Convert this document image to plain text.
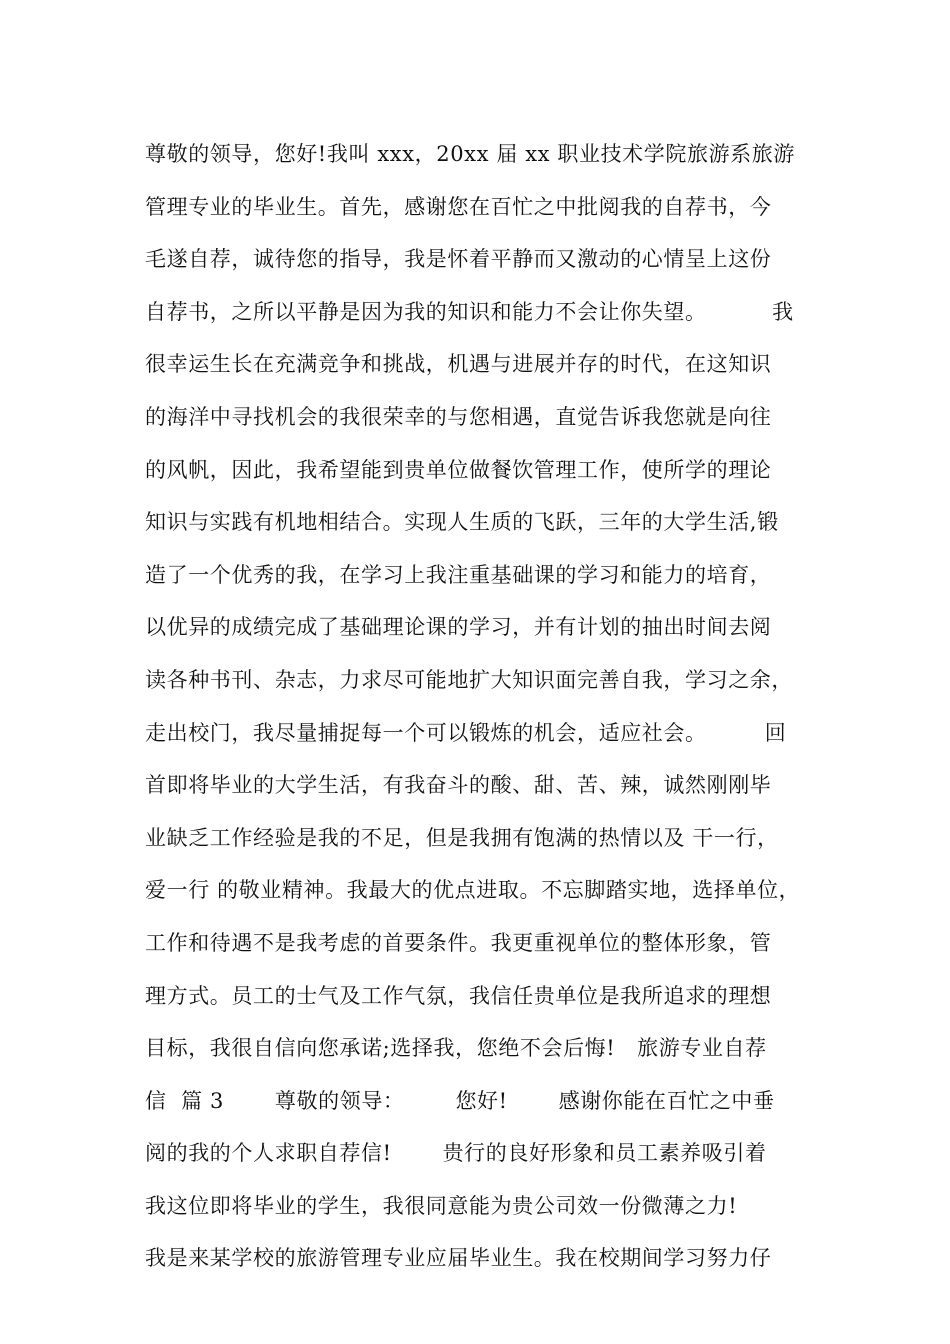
尊敬的领导，您好!我叫 xxx，20xx 届 xx 职业技术学院旅游系旅游
管理专业的毕业生。首先，感谢您在百忙之中批阅我的自荐书，今
毛遂自荐，诚待您的指导，我是怀着平静而又激动的心情呈上这份
自荐书，之所以平静是因为我的知识和能力不会让你失望。         我
很幸运生长在充满竞争和挑战，机遇与进展并存的时代，在这知识
的海洋中寻找机会的我很荣幸的与您相遇，直觉告诉我您就是向往
的风帆，因此，我希望能到贵单位做餐饮管理工作，使所学的理论
知识与实践有机地相结合。实现人生质的飞跃，三年的大学生活,锻
造了一个优秀的我，在学习上我注重基础课的学习和能力的培育，
以优异的成绩完成了基础理论课的学习，并有计划的抽出时间去阅
读各种书刊、杂志，力求尽可能地扩大知识面完善自我，学习之余，
走出校门，我尽量捕捉每一个可以锻炼的机会，适应社会。        回
首即将毕业的大学生活，有我奋斗的酸、甜、苦、辣，诚然刚刚毕
业缺乏工作经验是我的不足，但是我拥有饱满的热情以及 干一行，
爱一行 的敬业精神。我最大的优点进取。不忘脚踏实地，选择单位，
工作和待遇不是我考虑的首要条件。我更重视单位的整体形象，管
理方式。员工的士气及工作气氛，我信任贵单位是我所追求的理想
目标，我很自信向您承诺;选择我，您绝不会后悔!   旅游专业自荐
信  篇 3       尊敬的领导：       您好!       感谢你能在百忙之中垂
阅的我的个人求职自荐信!       贵行的良好形象和员工素养吸引着
我这位即将毕业的学生，我很同意能为贵公司效一份微薄之力!
我是来某学校的旅游管理专业应届毕业生。我在校期间学习努力仔
